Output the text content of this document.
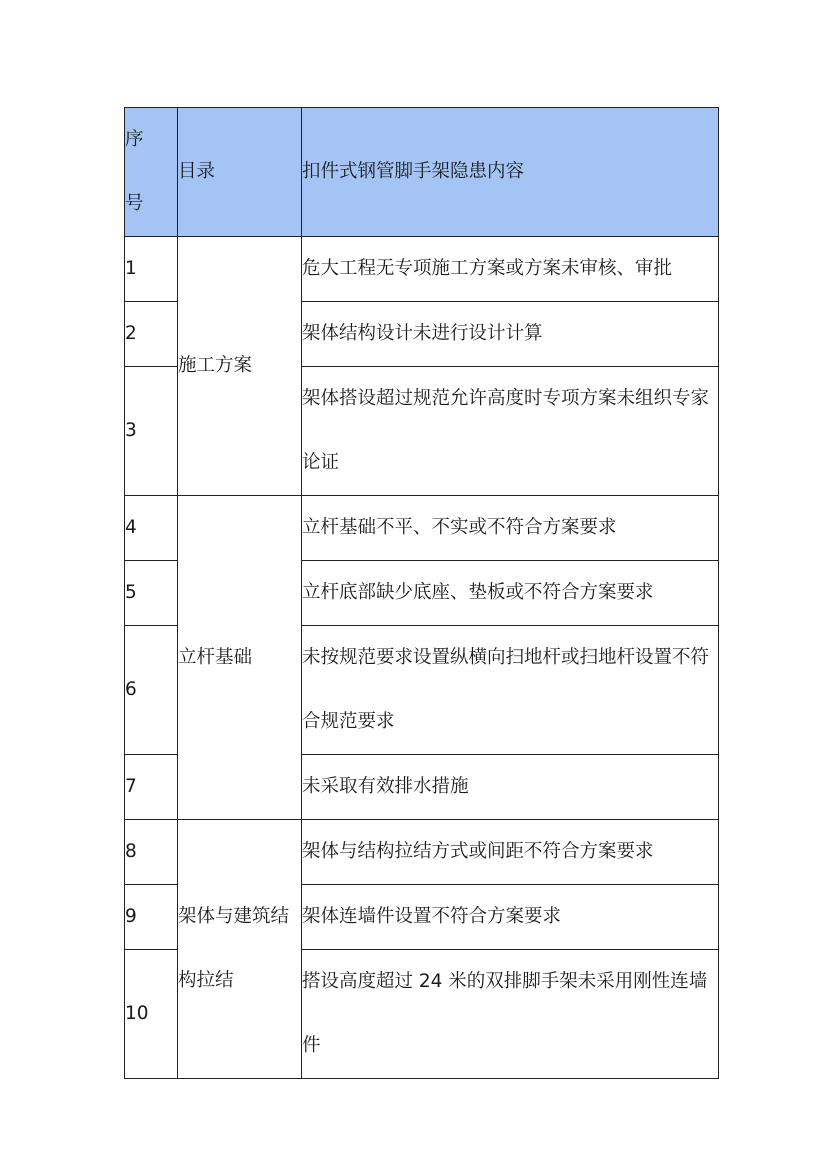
序
号	目录	扣件式钢管脚手架隐患内容
1	施工方案	危大工程无专项施工方案或方案未审核、审批
2		架体结构设计未进行设计计算
3		架体搭设超过规范允许高度时专项方案未组织专家论证
4	立杆基础	立杆基础不平、不实或不符合方案要求
5		立杆底部缺少底座、垫板或不符合方案要求
6		未按规范要求设置纵横向扫地杆或扫地杆设置不符合规范要求
7		未采取有效排水措施
8	架体与建筑结 构拉结	架体与结构拉结方式或间距不符合方案要求
9		架体连墙件设置不符合方案要求
10		搭设高度超过 24 米的双排脚手架未采用刚性连墙件
